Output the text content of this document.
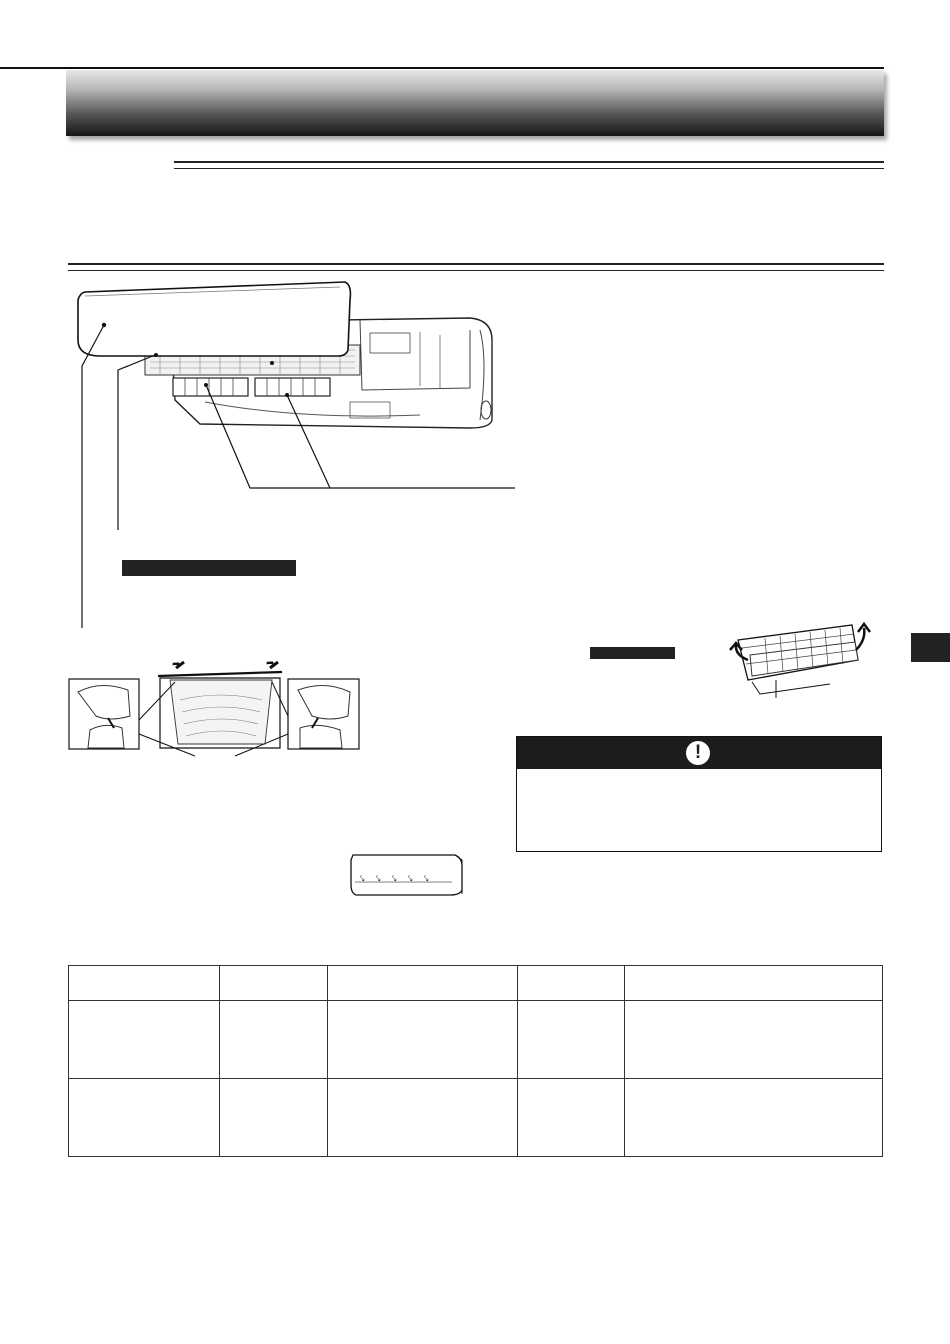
➦	➦
⤥ ⤥ ⤥ ⤥ ⤥
!
